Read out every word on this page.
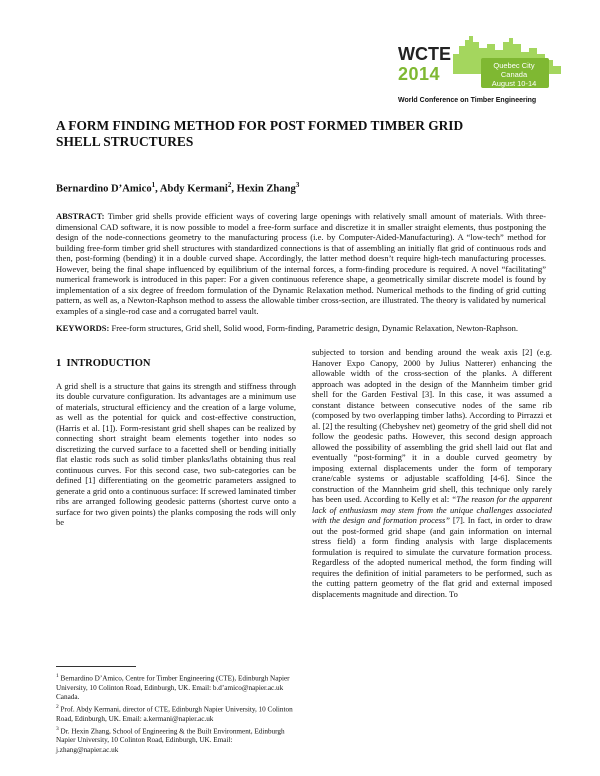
WCTE
2014	Quebec City
Canada
August 10-14
World Conference on Timber Engineering
A FORM FINDING METHOD FOR POST FORMED TIMBER GRID SHELL STRUCTURES

Bernardino D’Amico$^1$, Abdy Kermani$^2$, Hexin Zhang$^3$

ABSTRACT: Timber grid shells provide efficient ways of covering large openings with relatively small amount of materials. With three-dimensional CAD software, it is now possible to model a free-form surface and discretize it in smaller straight elements, thus postponing the design of the node-connections geometry to the manufacturing process (i.e. by Computer-Aided-Manufacturing). A “low-tech” method for building free-form timber grid shell structures with standardized connections is that of assembling an initially flat grid of continuous rods and then, post-forming (bending) it in a double curved shape. Accordingly, the latter method doesn’t require high-tech manufacturing processes. However, being the final shape influenced by equilibrium of the internal forces, a form-finding procedure is required. A novel “facilitating” numerical framework is introduced in this paper: For a given continuous reference shape, a geometrically similar discrete model is found by implementation of a six degree of freedom formulation of the Dynamic Relaxation method. Numerical methods to the finding of grid cutting pattern, as well as, a Newton-Raphson method to assess the allowable timber cross-section, are illustrated. The theory is validated by numerical examples of a single-rod case and a corrugated barrel vault.

KEYWORDS: Free-form structures, Grid shell, Solid wood, Form-finding, Parametric design, Dynamic Relaxation, Newton-Raphson.

1 INTRODUCTION

A grid shell is a structure that gains its strength and stiffness through its double curvature configuration. Its advantages are a minimum use of materials, structural efficiency and the creation of a large volume, as well as the potential for quick and cost-effective construction, (Harris et al. [1]). Form-resistant grid shell shapes can be realized by connecting short straight beam elements together into nodes so discretizing the curved surface to a facetted shell or bending initially flat elastic rods such as solid timber planks/laths obtaining thus real continuous curves. For this second case, two sub-categories can be defined [1] differentiating on the geometric parameters assigned to generate a grid onto a continuous surface: If screwed laminated timber ribs are arranged following geodesic patterns (shortest curve onto a surface for two given points) the planks composing the rods will only be

subjected to torsion and bending around the weak axis [2] (e.g. Hanover Expo Canopy, 2000 by Julius Natterer) enhancing the allowable width of the cross-section of the planks. A different approach was adopted in the design of the Mannheim timber grid shell for the Garden Festival [3]. In this case, it was assumed a constant distance between consecutive nodes of the same rib (composed by two overlapping timber laths). According to Pirrazzi et al. [2] the resulting (Chebyshev net) geometry of the grid shell did not follow the geodesic paths. However, this second design approach allowed the possibility of assembling the grid shell laid out flat and eventually “post-forming” it in a double curved geometry by imposing external displacements under the form of temporary crane/cable systems or adjustable scaffolding [4-6]. Since the construction of the Mannheim grid shell, this technique only rarely has been used. According to Kelly et al: “The reason for the apparent lack of enthusiasm may stem from the unique challenges associated with the design and formation process” [7]. In fact, in order to draw out the post-formed grid shape (and gain information on internal stress field) a form finding analysis with large displacements formulation is required to simulate the curvature formation process. Regardless of the adopted numerical method, the form finding will requires the definition of initial parameters to be performed, such as the cutting pattern geometry of the flat grid and external imposed displacements magnitude and direction. To

$^1$ Bernardino D’Amico, Centre for Timber Engineering (CTE), Edinburgh Napier University, 10 Colinton Road, Edinburgh, UK. Email: b.d’amico@napier.ac.uk Canada.

$^2$ Prof. Abdy Kermani, director of CTE, Edinburgh Napier University, 10 Colinton Road, Edinburgh, UK. Email: a.kermani@napier.ac.uk

$^3$ Dr. Hexin Zhang, School of Engineering & the Built Environment, Edinburgh Napier University, 10 Colinton Road, Edinburgh, UK. Email: j.zhang@napier.ac.uk
